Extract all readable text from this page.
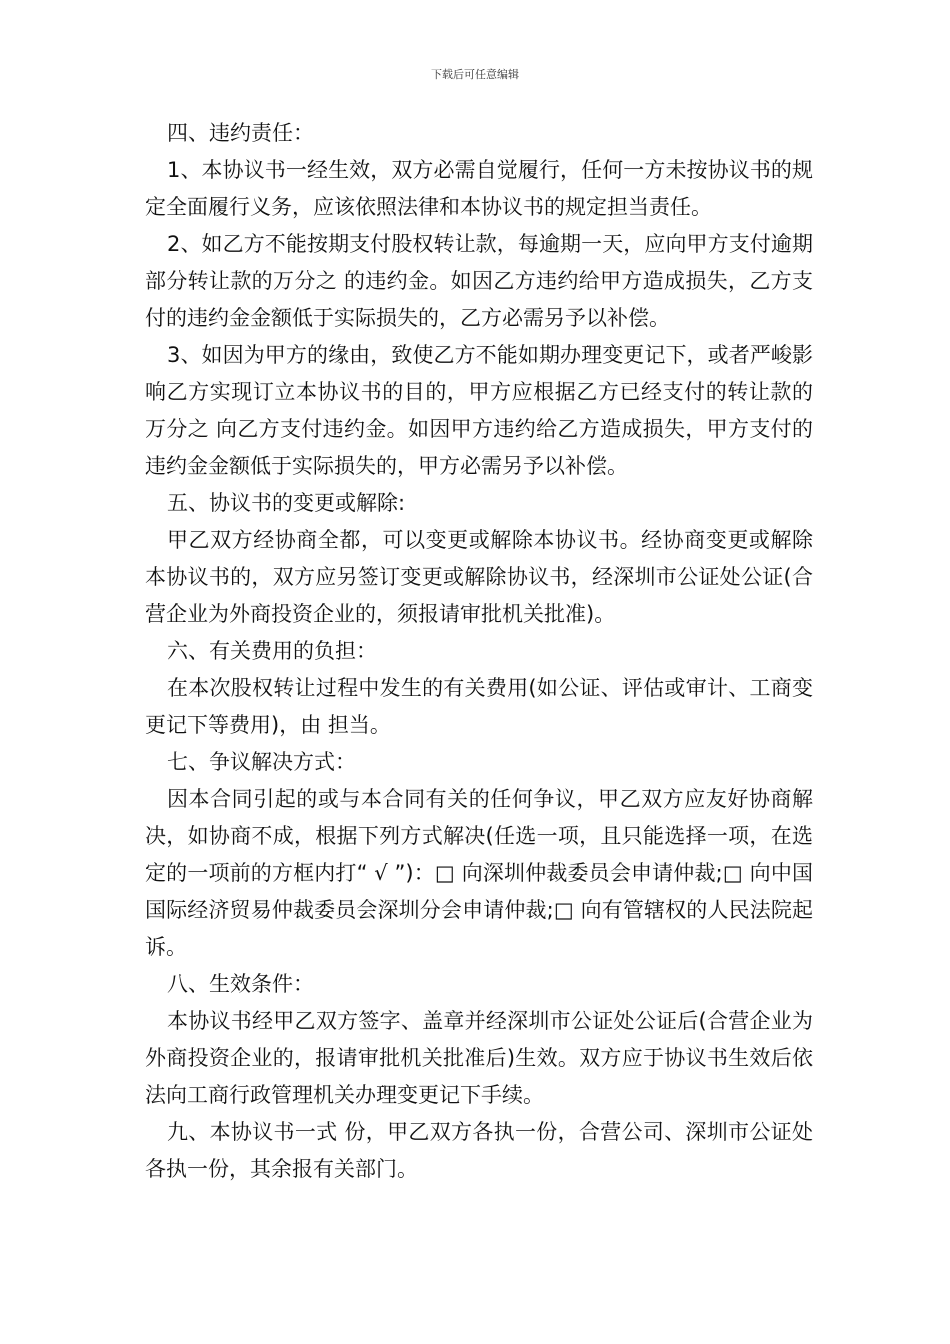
下载后可任意编辑

四、违约责任：

1、本协议书一经生效，双方必需自觉履行，任何一方未按协议书的规定全面履行义务，应该依照法律和本协议书的规定担当责任。

2、如乙方不能按期支付股权转让款，每逾期一天，应向甲方支付逾期部分转让款的万分之 的违约金。如因乙方违约给甲方造成损失，乙方支付的违约金金额低于实际损失的，乙方必需另予以补偿。

3、如因为甲方的缘由，致使乙方不能如期办理变更记下，或者严峻影响乙方实现订立本协议书的目的，甲方应根据乙方已经支付的转让款的万分之 向乙方支付违约金。如因甲方违约给乙方造成损失，甲方支付的违约金金额低于实际损失的，甲方必需另予以补偿。

五、协议书的变更或解除:

甲乙双方经协商全都，可以变更或解除本协议书。经协商变更或解除本协议书的，双方应另签订变更或解除协议书，经深圳市公证处公证(合营企业为外商投资企业的，须报请审批机关批准)。

六、有关费用的负担：

在本次股权转让过程中发生的有关费用(如公证、评估或审计、工商变更记下等费用)，由 担当。

七、争议解决方式：

因本合同引起的或与本合同有关的任何争议，甲乙双方应友好协商解决，如协商不成，根据下列方式解决(任选一项，且只能选择一项，在选定的一项前的方框内打“ √ ”)：□ 向深圳仲裁委员会申请仲裁;□ 向中国国际经济贸易仲裁委员会深圳分会申请仲裁;□ 向有管辖权的人民法院起诉。

八、生效条件：

本协议书经甲乙双方签字、盖章并经深圳市公证处公证后(合营企业为外商投资企业的，报请审批机关批准后)生效。双方应于协议书生效后依法向工商行政管理机关办理变更记下手续。

九、本协议书一式 份，甲乙双方各执一份，合营公司、深圳市公证处各执一份，其余报有关部门。
